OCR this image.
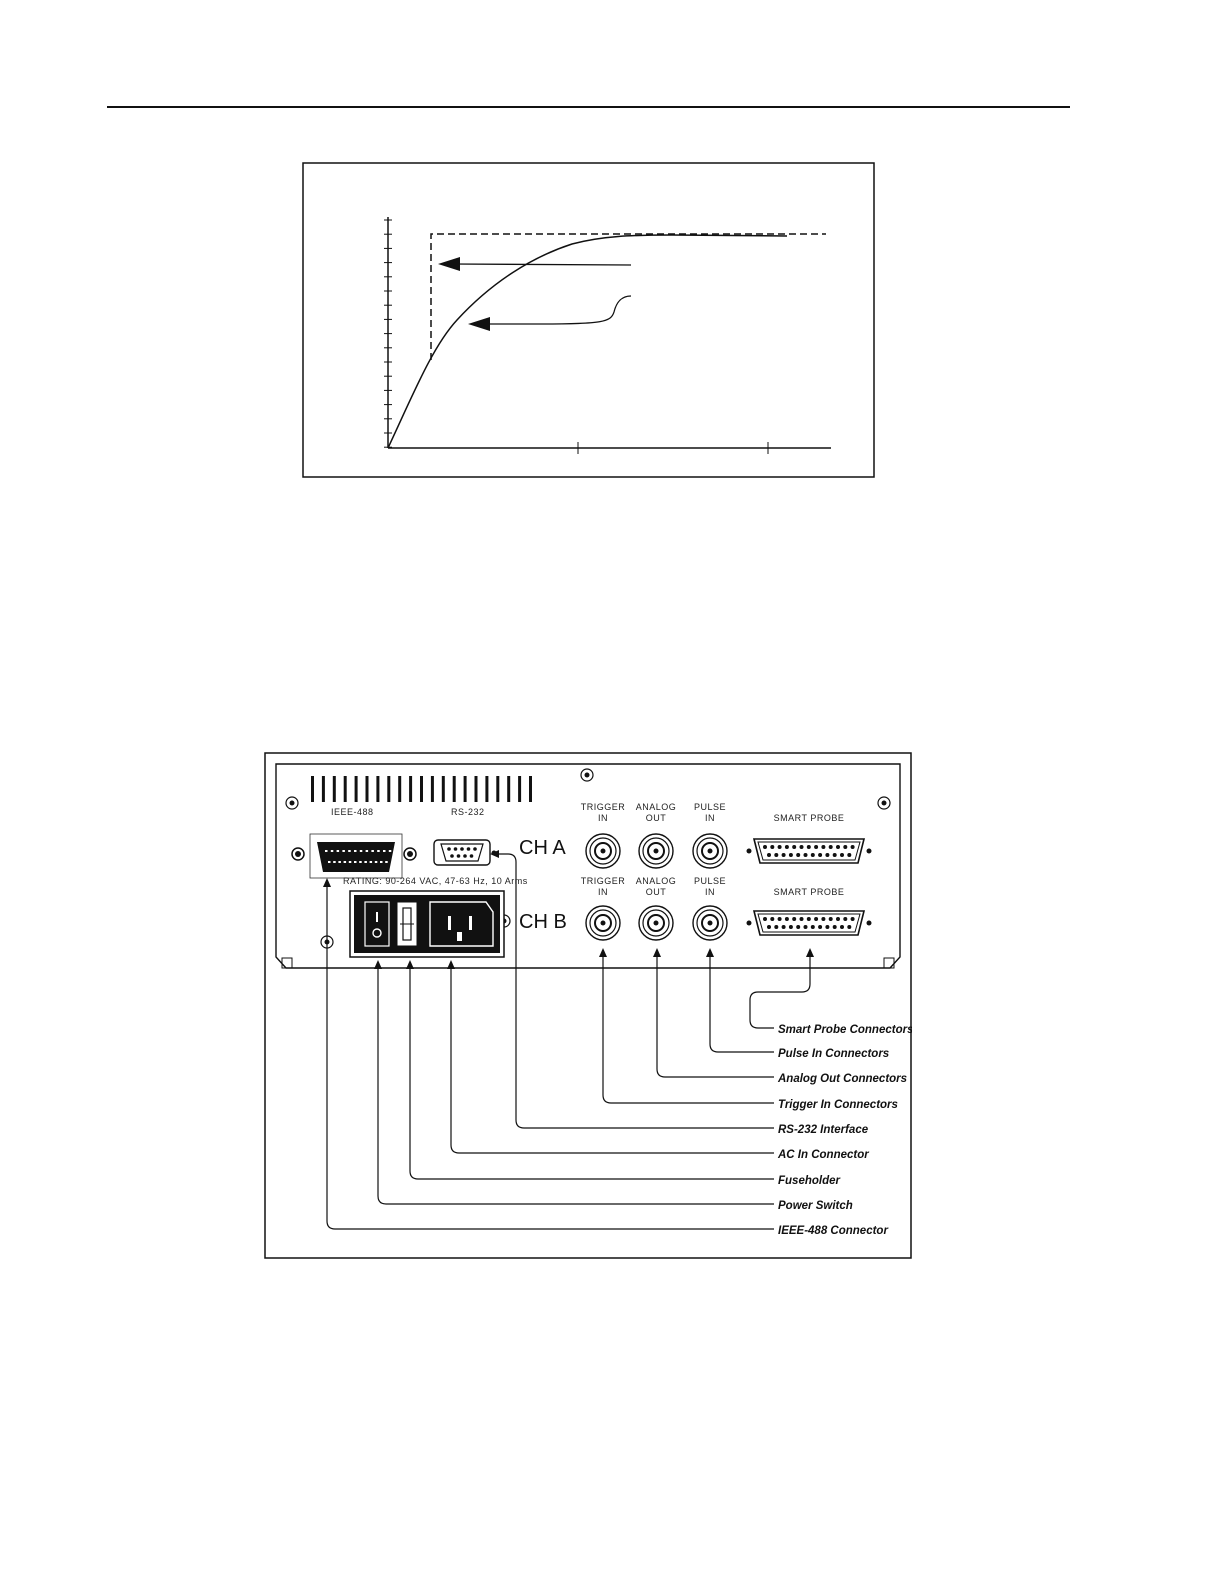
IEEE-488	RS-232
RATING: 90-264 VAC, 47-63 Hz, 10 Arms
CH A
CH B
TRIGGER
IN
ANALOG
OUT
PULSE
IN	SMART PROBE
TRIGGER
IN
ANALOG
OUT
PULSE
IN	SMART PROBE
Smart Probe Connectors
Pulse In Connectors
Analog Out Connectors
Trigger In Connectors
RS-232 Interface
AC In Connector
Fuseholder
Power Switch
IEEE-488 Connector
